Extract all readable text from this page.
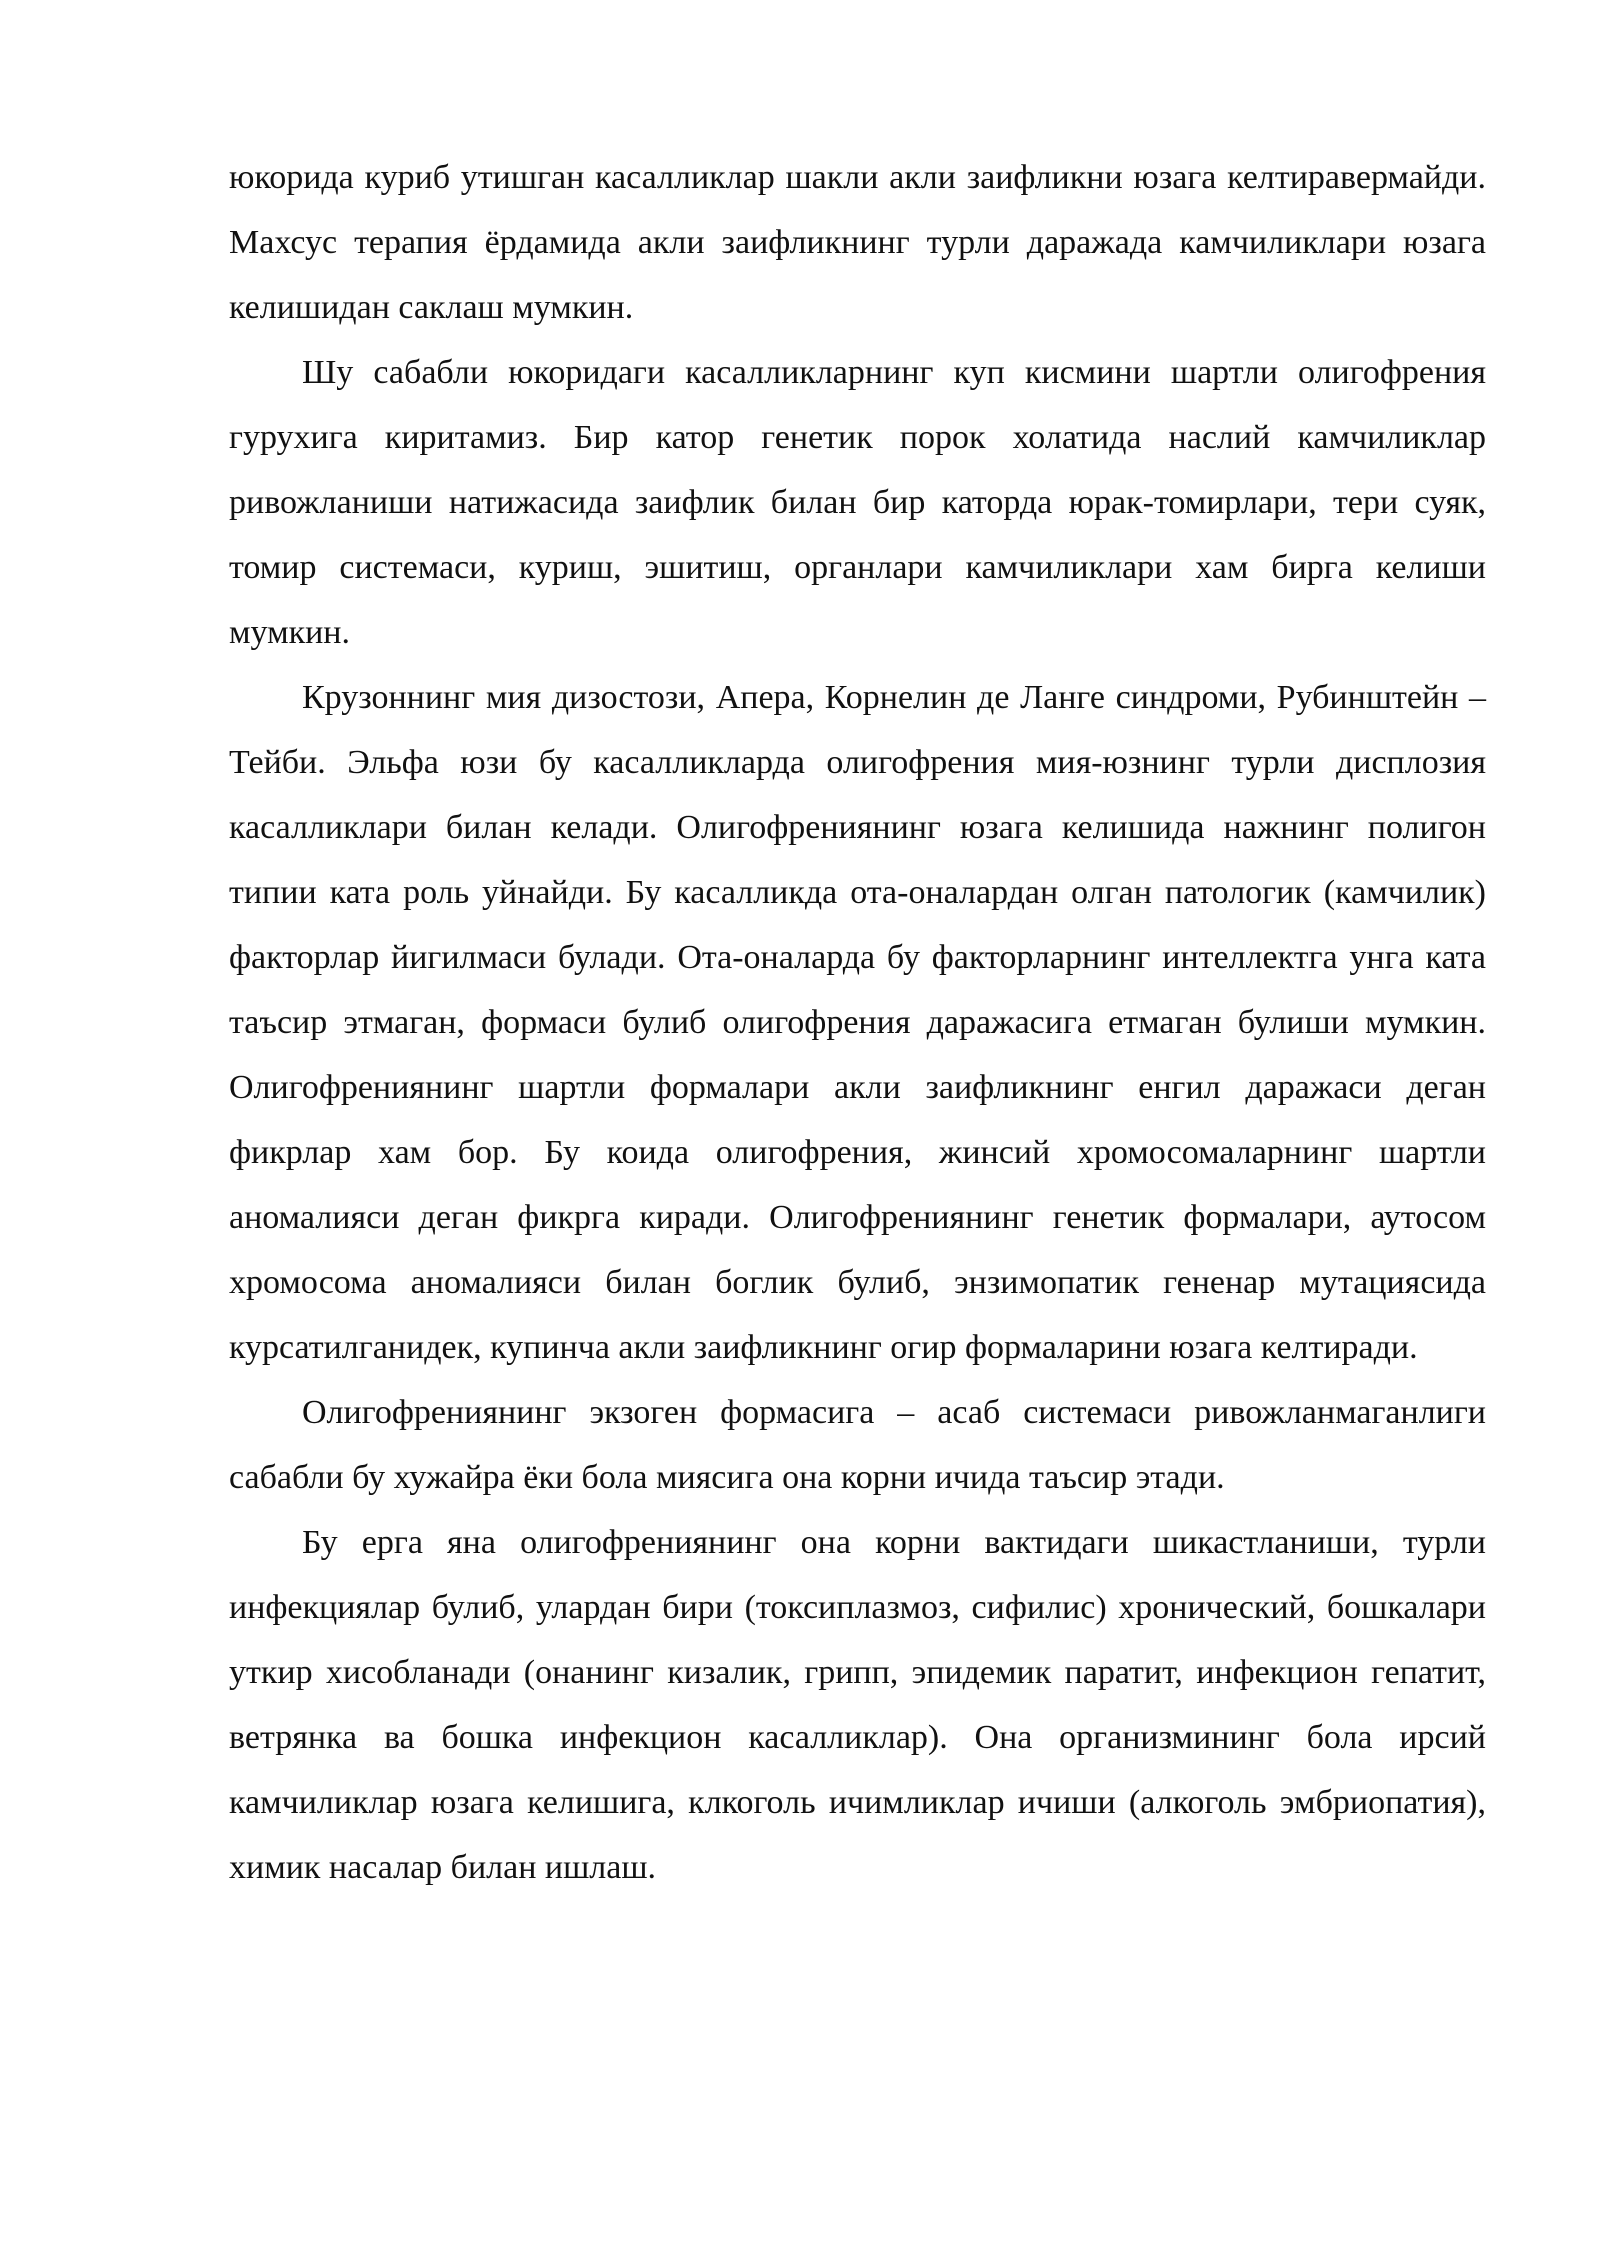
юкорида куриб утишган касалликлар шакли акли заифликни юзага келтиравермайди. Махсус терапия ёрдамида акли заифликнинг турли даражада камчиликлари юзага келишидан саклаш мумкин.

Шу сабабли юкоридаги касалликларнинг куп кисмини шартли олигофрения гурухига киритамиз. Бир катор генетик порок холатида наслий камчиликлар ривожланиши натижасида заифлик билан бир каторда юрак-томирлари, тери суяк, томир системаси, куриш, эшитиш, органлари камчиликлари хам бирга келиши мумкин.

Крузоннинг мия дизостози, Апера, Корнелин де Ланге синдроми, Рубинштейн – Тейби. Эльфа юзи бу касалликларда олигофрения мия-юзнинг турли дисплозия касалликлари билан келади. Олигофрениянинг юзага келишида нажнинг полигон типии ката роль уйнайди. Бу касалликда ота-оналардан олган патологик (камчилик) факторлар йигилмаси булади. Ота-оналарда бу факторларнинг интеллектга унга ката таъсир этмаган, формаси булиб олигофрения даражасига етмаган булиши мумкин. Олигофрениянинг шартли формалари акли заифликнинг енгил даражаси деган фикрлар хам бор. Бу коида олигофрения, жинсий хромосомаларнинг шартли аномалияси деган фикрга киради. Олигофрениянинг генетик формалари, аутосом хромосома аномалияси билан боглик булиб, энзимопатик гененар мутациясида курсатилганидек, купинча акли заифликнинг огир формаларини юзага келтиради.

Олигофрениянинг экзоген формасига – асаб системаси ривожланмаганлиги сабабли бу хужайра ёки бола миясига она корни ичида таъсир этади.

Бу ерга яна олигофрениянинг она корни вактидаги шикастланиши, турли инфекциялар булиб, улардан бири (токсиплазмоз, сифилис) хронический, бошкалари уткир хисобланади (онанинг кизалик, грипп, эпидемик паратит, инфекцион гепатит, ветрянка ва бошка инфекцион касалликлар). Она организмининг бола ирсий камчиликлар юзага келишига, клкоголь ичимликлар ичиши (алкоголь эмбриопатия), химик насалар билан ишлаш.
